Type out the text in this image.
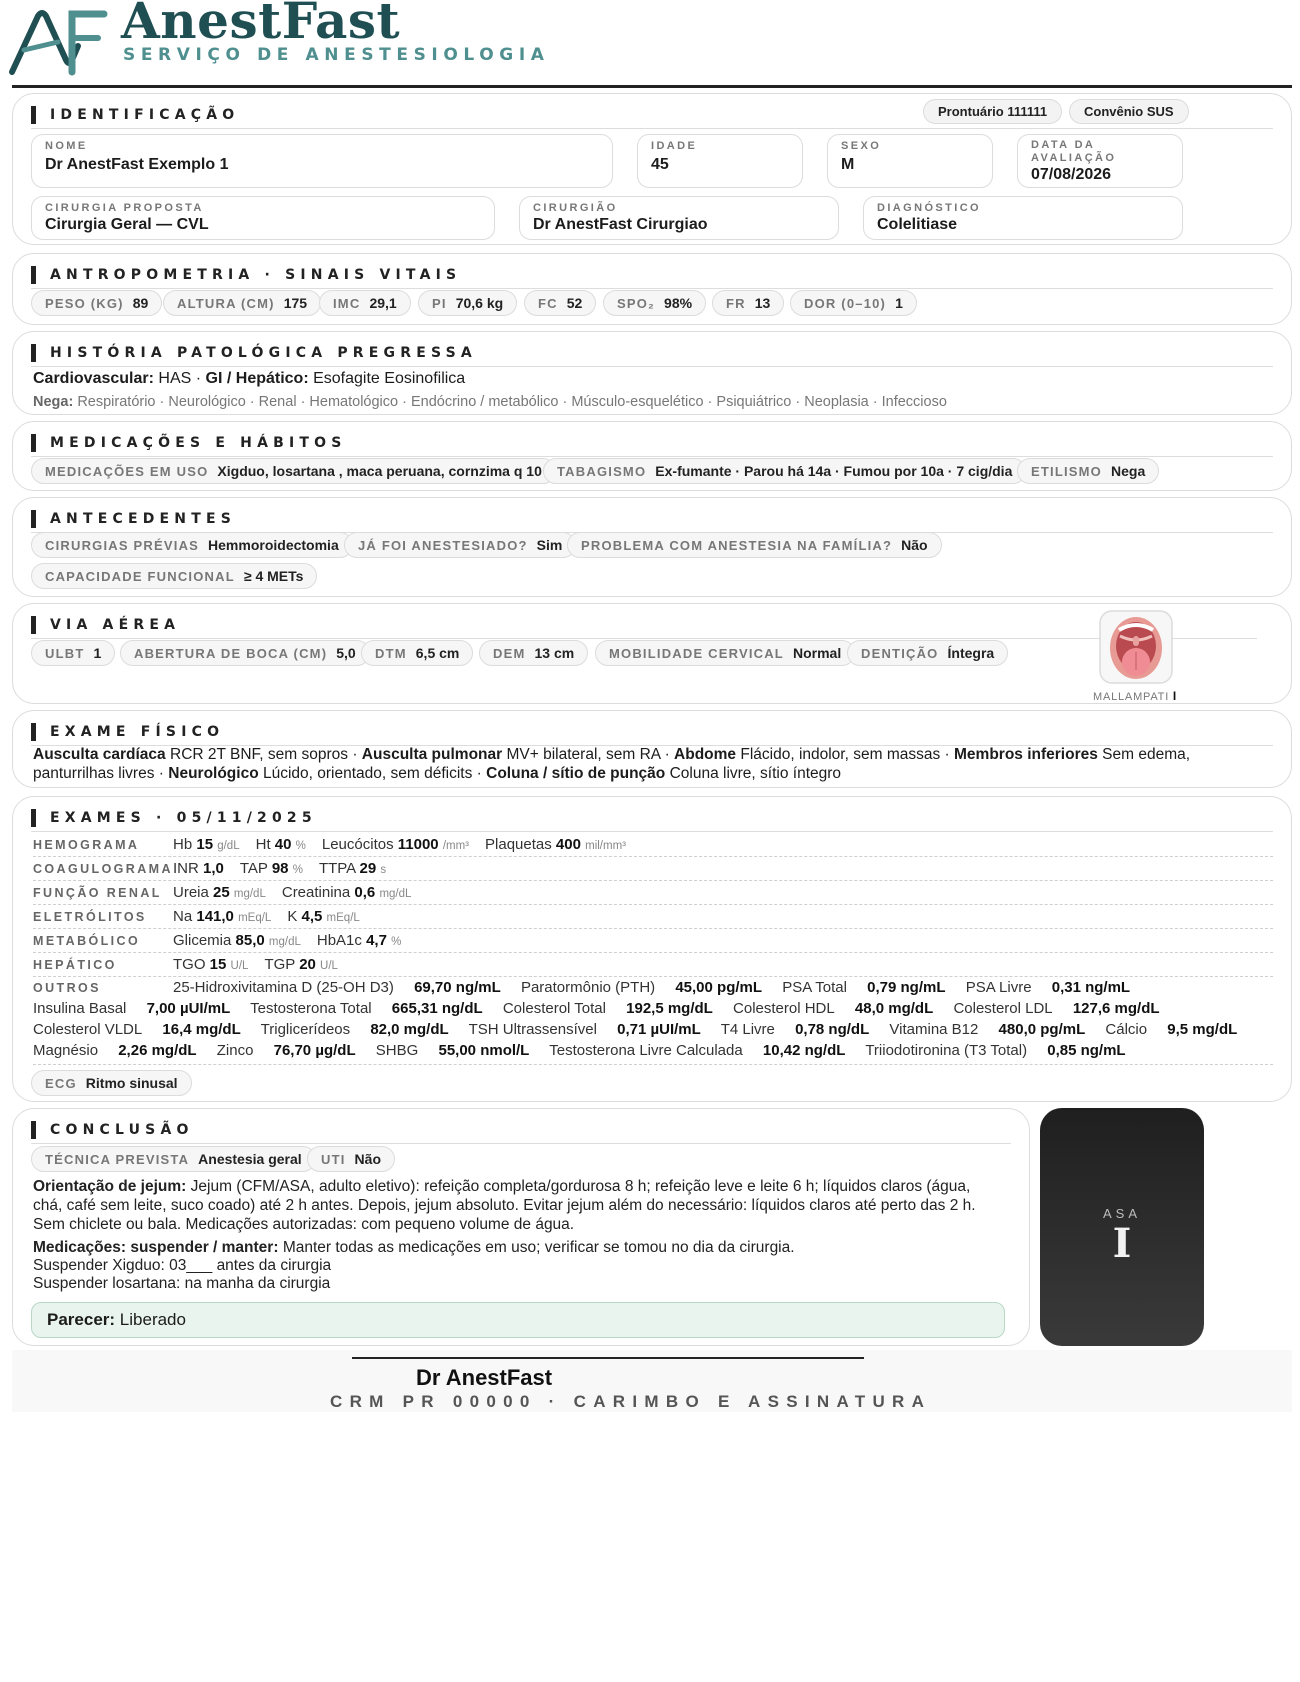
AnestFast
SERVIÇO DE ANESTESIOLOGIA
IDENTIFICAÇÃO	Prontuário 111111	Convênio SUS
NOME
Dr AnestFast Exemplo 1
IDADE
45
SEXO
M
DATA DA
AVALIAÇÃO
07/08/2026
CIRURGIA PROPOSTA
Cirurgia Geral — CVL
CIRURGIÃO
Dr AnestFast Cirurgiao
DIAGNÓSTICO
Colelitiase
ANTROPOMETRIA · SINAIS VITAIS
PESO (KG) 89 ALTURA (CM) 175 IMC 29,1	PI 70,6 kg	FC 52	SPO₂ 98%	FR 13	DOR (0–10) 1
HISTÓRIA PATOLÓGICA PREGRESSA
Cardiovascular: HAS · GI / Hepático: Esofagite Eosinofilica
Nega: Respiratório · Neurológico · Renal · Hematológico · Endócrino / metabólico · Músculo-esquelético · Psiquiátrico · Neoplasia · Infeccioso
MEDICAÇÕES E HÁBITOS
MEDICAÇÕES EM USO Xigduo, losartana , maca peruana, cornzima q 10 TABAGISMO Ex-fumante · Parou há 14a · Fumou por 10a · 7 cig/dia ETILISMO Nega
ANTECEDENTES
CIRURGIAS PRÉVIAS Hemmoroidectomia JÁ FOI ANESTESIADO? Sim PROBLEMA COM ANESTESIA NA FAMÍLIA? Não
CAPACIDADE FUNCIONAL ≥ 4 METs
VIA AÉREA
ULBT 1	ABERTURA DE BOCA (CM) 5,0 DTM 6,5 cm	DEM 13 cm	MOBILIDADE CERVICAL Normal DENTIÇÃO Íntegra
MALLAMPATI I
EXAME FÍSICO
Ausculta cardíaca RCR 2T BNF, sem sopros · Ausculta pulmonar MV+ bilateral, sem RA · Abdome Flácido, indolor, sem massas · Membros inferiores Sem edema,
panturrilhas livres · Neurológico Lúcido, orientado, sem déficits · Coluna / sítio de punção Coluna livre, sítio íntegro
EXAMES · 05/11/2025
HEMOGRAMA	Hb 15 g/dL Ht 40 % Leucócitos 11000 /mm³ Plaquetas 400 mil/mm³
COAGULOGRAMA INR 1,0 TAP 98 % TTPA 29 s
FUNÇÃO RENAL Ureia 25 mg/dL Creatinina 0,6 mg/dL
ELETRÓLITOS	Na 141,0 mEq/L K 4,5 mEq/L
METABÓLICO	Glicemia 85,0 mg/dL HbA1c 4,7 %
HEPÁTICO	TGO 15 U/L TGP 20 U/L
OUTROS	25-Hidroxivitamina D (25-OH D3) 69,70 ng/mL Paratormônio (PTH) 45,00 pg/mL PSA Total 0,79 ng/mL PSA Livre 0,31 ng/mL
Insulina Basal 7,00 µUI/mL Testosterona Total 665,31 ng/dL Colesterol Total 192,5 mg/dL Colesterol HDL 48,0 mg/dL Colesterol LDL 127,6 mg/dL
Colesterol VLDL 16,4 mg/dL Triglicerídeos 82,0 mg/dL TSH Ultrassensível 0,71 µUI/mL T4 Livre 0,78 ng/dL Vitamina B12 480,0 pg/mL Cálcio 9,5 mg/dL
Magnésio 2,26 mg/dL Zinco 76,70 µg/dL SHBG 55,00 nmol/L Testosterona Livre Calculada 10,42 ng/dL Triiodotironina (T3 Total) 0,85 ng/mL
ECG Ritmo sinusal
CONCLUSÃO
TÉCNICA PREVISTA Anestesia geral UTI Não
Orientação de jejum: Jejum (CFM/ASA, adulto eletivo): refeição completa/gordurosa 8 h; refeição leve e leite 6 h; líquidos claros (água, chá, café sem leite, suco coado) até 2 h antes. Depois, jejum absoluto. Evitar jejum além do necessário: líquidos claros até perto das 2 h. Sem chiclete ou bala. Medicações autorizadas: com pequeno volume de água.
Medicações: suspender / manter: Manter todas as medicações em uso; verificar se tomou no dia da cirurgia.
Suspender Xigduo: 03___ antes da cirurgia
Suspender losartana: na manha da cirurgia
Parecer:
Liberado
ASA
I
Dr AnestFast
CRM PR 00000 · CARIMBO E ASSINATURA
